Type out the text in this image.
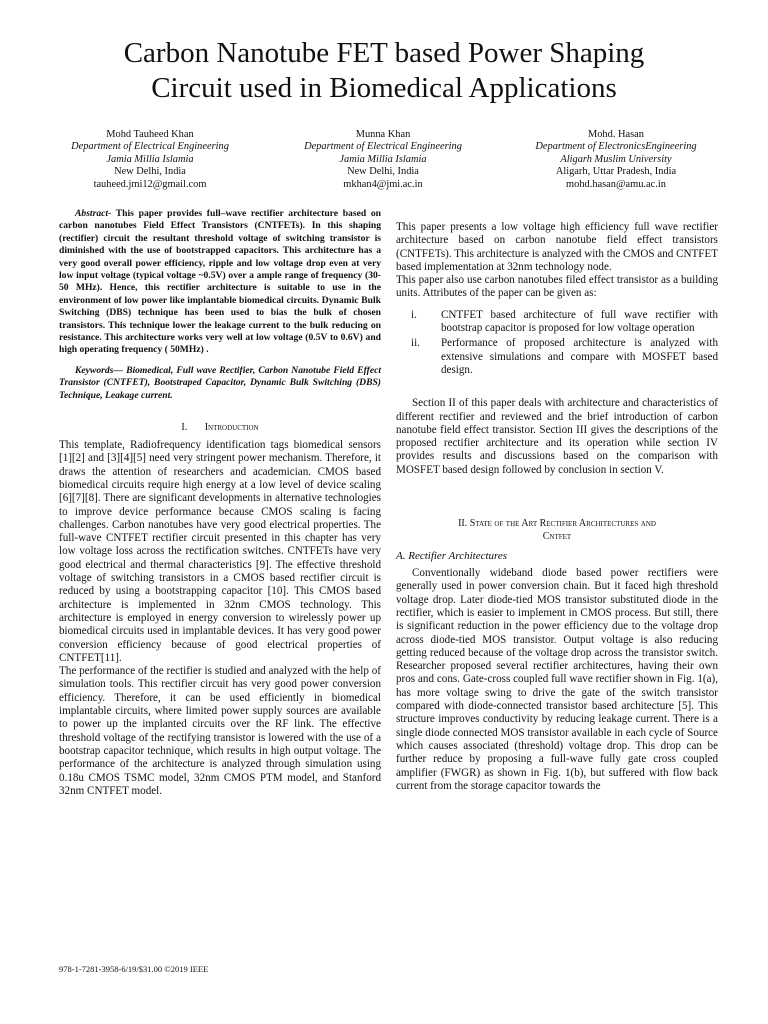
Carbon Nanotube FET based Power Shaping
Circuit used in Biomedical Applications
Mohd Tauheed Khan
Department of Electrical Engineering
Jamia Millia Islamia
New Delhi, India
tauheed.jmi12@gmail.com
Munna Khan
Department of Electrical Engineering
Jamia Millia Islamia
New Delhi, India
mkhan4@jmi.ac.in
Mohd. Hasan
Department of ElectronicsEngineering
Aligarh Muslim University
Aligarh, Uttar Pradesh, India
mohd.hasan@amu.ac.in

Abstract- This paper provides full–wave rectifier architecture based on carbon nanotubes Field Effect Transistors (CNTFETs). In this shaping (rectifier) circuit the resultant threshold voltage of switching transistor is diminished with the use of bootstrapped capacitors. This architecture has a very good overall power efficiency, ripple and low voltage drop even at very low input voltage (typical voltage ~0.5V) over a ample range of frequency (30-50 MHz). Hence, this rectifier architecture is suitable to use in the environment of low power like implantable biomedical circuits. Dynamic Bulk Switching (DBS) technique has been used to bias the bulk of chosen transistors. This technique lower the leakage current to the bulk reducing on resistance. This architecture works very well at low voltage (0.5V to 0.6V) and high operating frequency ( 50MHz) .

Keywords— Biomedical, Full wave Rectifier, Carbon Nanotube Field Effect Transistor (CNTFET), Bootstraped Capacitor, Dynamic Bulk Switching (DBS) Technique, Leakage current.

I. Introduction

This template, Radiofrequency identification tags biomedical sensors [1][2] and [3][4][5] need very stringent power mechanism. Therefore, it draws the attention of researchers and academician. CMOS based biomedical circuits require high energy at a low level of device scaling [6][7][8]. There are significant developments in alternative technologies to improve device performance because CMOS scaling is facing challenges. Carbon nanotubes have very good electrical properties. The full-wave CNTFET rectifier circuit presented in this chapter has very low voltage loss across the rectification switches. CNTFETs have very good electrical and thermal characteristics [9]. The effective threshold voltage of switching transistors in a CMOS based rectifier circuit is reduced by using a bootstrapping capacitor [10]. This CMOS based architecture is implemented in 32nm CMOS technology. This architecture is employed in energy conversion to wirelessly power up biomedical circuits used in implantable devices. It has very good power conversion efficiency because of good electrical properties of CNTFET[11].

The performance of the rectifier is studied and analyzed with the help of simulation tools. This rectifier circuit has very good power conversion efficiency. Therefore, it can be used efficiently in biomedical implantable circuits, where limited power supply sources are available to power up the implanted circuits over the RF link. The effective threshold voltage of the rectifying transistor is lowered with the use of a bootstrap capacitor technique, which results in high output voltage. The performance of the architecture is analyzed through simulation using 0.18u CMOS TSMC model, 32nm CMOS PTM model, and Stanford 32nm CNTFET model.

This paper presents a low voltage high efficiency full wave rectifier architecture based on carbon nanotube field effect transistors (CNTFETs). This architecture is analyzed with the CMOS and CNTFET based implementation at 32nm technology node.

This paper also use carbon nanotubes filed effect transistor as a building units. Attributes of the paper can be given as:

i. CNTFET based architecture of full wave rectifier with bootstrap capacitor is proposed for low voltage operation
ii. Performance of proposed architecture is analyzed with extensive simulations and compare with MOSFET based design.

Section II of this paper deals with architecture and characteristics of different rectifier and reviewed and the brief introduction of carbon nanotube field effect transistor. Section III gives the descriptions of the proposed rectifier architecture and its operation while section IV provides results and discussions based on the comparison with MOSFET based design followed by conclusion in section V.

II. State of the Art Rectifier Architectures and
Cntfet
A. Rectifier Architectures

Conventionally wideband diode based power rectifiers were generally used in power conversion chain. But it faced high threshold voltage drop. Later diode-tied MOS transistor substituted diode in the rectifier, which is easier to implement in CMOS process. But still, there is significant reduction in the power efficiency due to the voltage drop across diode-tied MOS transistor. Output voltage is also reducing getting reduced because of the voltage drop across the transistor switch. Researcher proposed several rectifier architectures, having their own pros and cons. Gate-cross coupled full wave rectifier shown in Fig. 1(a), has more voltage swing to drive the gate of the switch transistor compared with diode-connected transistor based architecture [5]. This structure improves conductivity by reducing leakage current. There is a single diode connected MOS transistor available in each cycle of Source which causes associated (threshold) voltage drop. This drop can be further reduce by proposing a full-wave fully gate cross coupled amplifier (FWGR) as shown in Fig. 1(b), but suffered with flow back current from the storage capacitor towards the

978-1-7281-3958-6/19/$31.00 ©2019 IEEE
